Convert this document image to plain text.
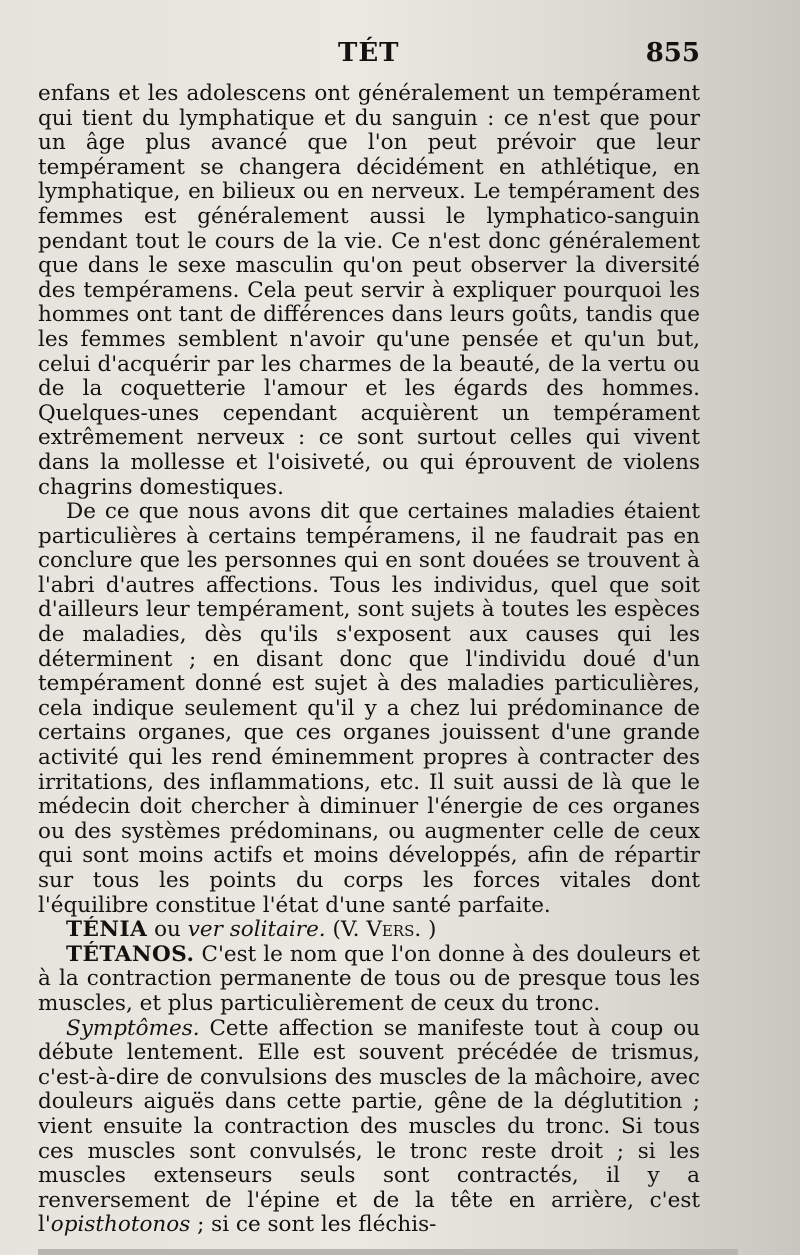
TÉT	855

enfans et les adolescens ont généralement un tempérament qui tient du lymphatique et du sanguin : ce n'est que pour un âge plus avancé que l'on peut prévoir que leur tempérament se changera décidément en athlétique, en lymphatique, en bilieux ou en nerveux. Le tempérament des femmes est généralement aussi le lymphatico-sanguin pendant tout le cours de la vie. Ce n'est donc généralement que dans le sexe masculin qu'on peut observer la diversité des tempéramens. Cela peut servir à expliquer pourquoi les hommes ont tant de différences dans leurs goûts, tandis que les femmes semblent n'avoir qu'une pensée et qu'un but, celui d'acquérir par les charmes de la beauté, de la vertu ou de la coquetterie l'amour et les égards des hommes. Quelques-unes cependant acquièrent un tempérament extrêmement nerveux : ce sont surtout celles qui vivent dans la mollesse et l'oisiveté, ou qui éprouvent de violens chagrins domestiques.

De ce que nous avons dit que certaines maladies étaient particulières à certains tempéramens, il ne faudrait pas en conclure que les personnes qui en sont douées se trouvent à l'abri d'autres affections. Tous les individus, quel que soit d'ailleurs leur tempérament, sont sujets à toutes les espèces de maladies, dès qu'ils s'exposent aux causes qui les déterminent ; en disant donc que l'individu doué d'un tempérament donné est sujet à des maladies particulières, cela indique seulement qu'il y a chez lui prédominance de certains organes, que ces organes jouissent d'une grande activité qui les rend éminemment propres à contracter des irritations, des inflammations, etc. Il suit aussi de là que le médecin doit chercher à diminuer l'énergie de ces organes ou des systèmes prédominans, ou augmenter celle de ceux qui sont moins actifs et moins développés, afin de répartir sur tous les points du corps les forces vitales dont l'équilibre constitue l'état d'une santé parfaite.

TÉNIA ou ver solitaire. (V. Vers. )

TÉTANOS. C'est le nom que l'on donne à des douleurs et à la contraction permanente de tous ou de presque tous les muscles, et plus particulièrement de ceux du tronc.

Symptômes. Cette affection se manifeste tout à coup ou débute lentement. Elle est souvent précédée de trismus, c'est-à-dire de convulsions des muscles de la mâchoire, avec douleurs aiguës dans cette partie, gêne de la déglutition ; vient ensuite la contraction des muscles du tronc. Si tous ces muscles sont convulsés, le tronc reste droit ; si les muscles extenseurs seuls sont contractés, il y a renversement de l'épine et de la tête en arrière, c'est l'opisthotonos ; si ce sont les fléchis-
